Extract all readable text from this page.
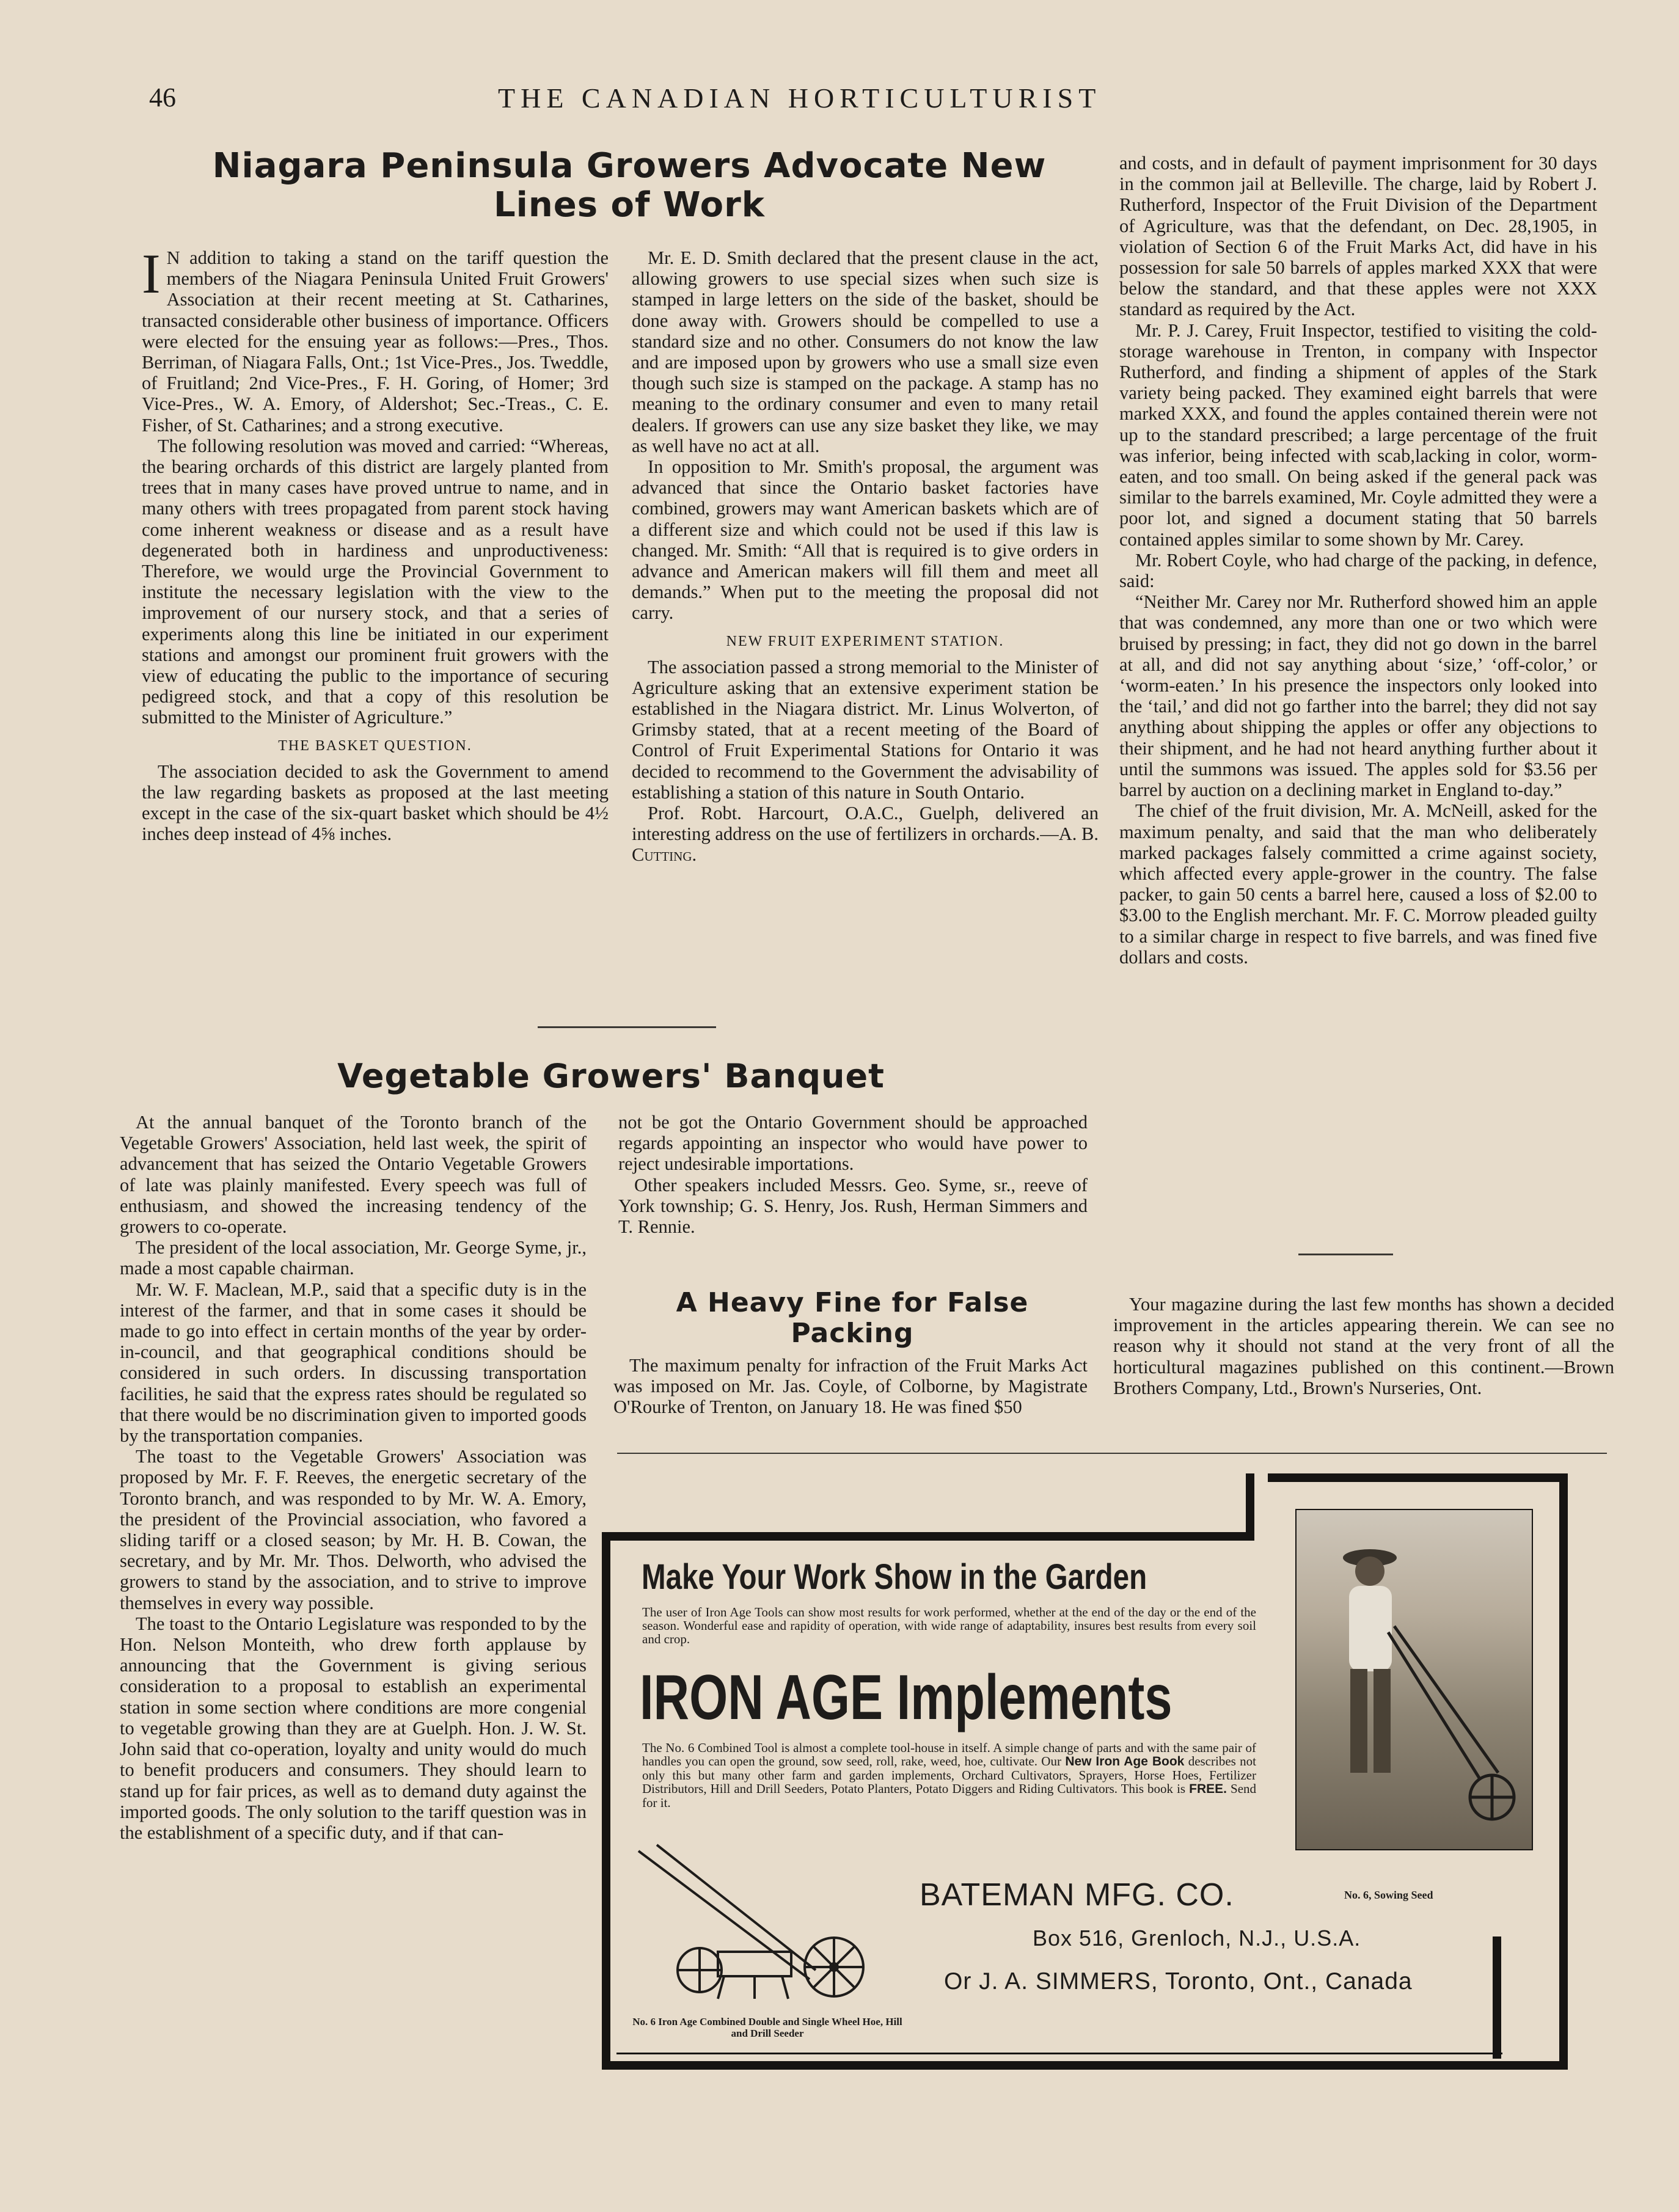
46	THE CANADIAN HORTICULTURIST
Niagara Peninsula Growers Advocate New
Lines of Work

I N addition to taking a stand on the tariff question the members of the Niagara Peninsula United Fruit Growers' Association at their recent meeting at St. Catharines, transacted considerable other business of importance. Officers were elected for the ensuing year as follows:—Pres., Thos. Berriman, of Niagara Falls, Ont.; 1st Vice-Pres., Jos. Tweddle, of Fruitland; 2nd Vice-Pres., F. H. Goring, of Homer; 3rd Vice-Pres., W. A. Emory, of Aldershot; Sec.-Treas., C. E. Fisher, of St. Catharines; and a strong executive.

The following resolution was moved and carried: “Whereas, the bearing orchards of this district are largely planted from trees that in many cases have proved untrue to name, and in many others with trees propagated from parent stock having come inherent weakness or disease and as a result have degenerated both in hardiness and unproductiveness: Therefore, we would urge the Provincial Government to institute the necessary legislation with the view to the improvement of our nursery stock, and that a series of experiments along this line be initiated in our experiment stations and amongst our prominent fruit growers with the view of educating the public to the importance of securing pedigreed stock, and that a copy of this resolution be submitted to the Minister of Agriculture.”

THE BASKET QUESTION.

The association decided to ask the Government to amend the law regarding baskets as proposed at the last meeting except in the case of the six-quart basket which should be 4½ inches deep instead of 4⅝ inches.

Mr. E. D. Smith declared that the present clause in the act, allowing growers to use special sizes when such size is stamped in large letters on the side of the basket, should be done away with. Growers should be compelled to use a standard size and no other. Consumers do not know the law and are imposed upon by growers who use a small size even though such size is stamped on the package. A stamp has no meaning to the ordinary consumer and even to many retail dealers. If growers can use any size basket they like, we may as well have no act at all.

In opposition to Mr. Smith's proposal, the argument was advanced that since the Ontario basket factories have combined, growers may want American baskets which are of a different size and which could not be used if this law is changed. Mr. Smith: “All that is required is to give orders in advance and American makers will fill them and meet all demands.” When put to the meeting the proposal did not carry.

NEW FRUIT EXPERIMENT STATION.

The association passed a strong memorial to the Minister of Agriculture asking that an extensive experiment station be established in the Niagara district. Mr. Linus Wolverton, of Grimsby stated, that at a recent meeting of the Board of Control of Fruit Experimental Stations for Ontario it was decided to recommend to the Government the advisability of establishing a station of this nature in South Ontario.

Prof. Robt. Harcourt, O.A.C., Guelph, delivered an interesting address on the use of fertilizers in orchards.—A. B. Cutting.

and costs, and in default of payment imprisonment for 30 days in the common jail at Belleville. The charge, laid by Robert J. Rutherford, Inspector of the Fruit Division of the Department of Agriculture, was that the defendant, on Dec. 28,1905, in violation of Section 6 of the Fruit Marks Act, did have in his possession for sale 50 barrels of apples marked XXX that were below the standard, and that these apples were not XXX standard as required by the Act.

Mr. P. J. Carey, Fruit Inspector, testified to visiting the cold-storage warehouse in Trenton, in company with Inspector Rutherford, and finding a shipment of apples of the Stark variety being packed. They examined eight barrels that were marked XXX, and found the apples contained therein were not up to the standard prescribed; a large percentage of the fruit was inferior, being infected with scab,lacking in color, worm-eaten, and too small. On being asked if the general pack was similar to the barrels examined, Mr. Coyle admitted they were a poor lot, and signed a document stating that 50 barrels contained apples similar to some shown by Mr. Carey.

Mr. Robert Coyle, who had charge of the packing, in defence, said:

“Neither Mr. Carey nor Mr. Rutherford showed him an apple that was condemned, any more than one or two which were bruised by pressing; in fact, they did not go down in the barrel at all, and did not say anything about ‘size,’ ‘off-color,’ or ‘worm-eaten.’ In his presence the inspectors only looked into the ‘tail,’ and did not go farther into the barrel; they did not say anything about shipping the apples or offer any objections to their shipment, and he had not heard anything further about it until the summons was issued. The apples sold for $3.56 per barrel by auction on a declining market in England to-day.”

The chief of the fruit division, Mr. A. McNeill, asked for the maximum penalty, and said that the man who deliberately marked packages falsely committed a crime against society, which affected every apple-grower in the country. The false packer, to gain 50 cents a barrel here, caused a loss of $2.00 to $3.00 to the English merchant. Mr. F. C. Morrow pleaded guilty to a similar charge in respect to five barrels, and was fined five dollars and costs.

Vegetable Growers' Banquet

At the annual banquet of the Toronto branch of the Vegetable Growers' Association, held last week, the spirit of advancement that has seized the Ontario Vegetable Growers of late was plainly manifested. Every speech was full of enthusiasm, and showed the increasing tendency of the growers to co-operate.

The president of the local association, Mr. George Syme, jr., made a most capable chairman.

Mr. W. F. Maclean, M.P., said that a specific duty is in the interest of the farmer, and that in some cases it should be made to go into effect in certain months of the year by order-in-council, and that geographical conditions should be considered in such orders. In discussing transportation facilities, he said that the express rates should be regulated so that there would be no discrimination given to imported goods by the transportation companies.

The toast to the Vegetable Growers' Association was proposed by Mr. F. F. Reeves, the energetic secretary of the Toronto branch, and was responded to by Mr. W. A. Emory, the president of the Provincial association, who favored a sliding tariff or a closed season; by Mr. H. B. Cowan, the secretary, and by Mr. Mr. Thos. Delworth, who advised the growers to stand by the association, and to strive to improve themselves in every way possible.

The toast to the Ontario Legislature was responded to by the Hon. Nelson Monteith, who drew forth applause by announcing that the Government is giving serious consideration to a proposal to establish an experimental station in some section where conditions are more congenial to vegetable growing than they are at Guelph. Hon. J. W. St. John said that co-operation, loyalty and unity would do much to benefit producers and consumers. They should learn to stand up for fair prices, as well as to demand duty against the imported goods. The only solution to the tariff question was in the establishment of a specific duty, and if that can-

not be got the Ontario Government should be approached regards appointing an inspector who would have power to reject undesirable importations.

Other speakers included Messrs. Geo. Syme, sr., reeve of York township; G. S. Henry, Jos. Rush, Herman Simmers and T. Rennie.

A Heavy Fine for False
Packing

The maximum penalty for infraction of the Fruit Marks Act was imposed on Mr. Jas. Coyle, of Colborne, by Magistrate O'Rourke of Trenton, on January 18. He was fined $50

Your magazine during the last few months has shown a decided improvement in the articles appearing therein. We can see no reason why it should not stand at the very front of all the horticultural magazines published on this continent.—Brown Brothers Company, Ltd., Brown's Nurseries, Ont.

Make Your Work Show in the Garden

The user of Iron Age Tools can show most results for work performed, whether at the end of the day or the end of the season. Wonderful ease and rapidity of operation, with wide range of adaptability, insures best results from every soil and crop.

IRON AGE Implements

The No. 6 Combined Tool is almost a complete tool-house in itself. A simple change of parts and with the same pair of handles you can open the ground, sow seed, roll, rake, weed, hoe, cultivate. Our New Iron Age Book describes not only this but many other farm and garden implements, Orchard Cultivators, Sprayers, Horse Hoes, Fertilizer Distributors, Hill and Drill Seeders, Potato Planters, Potato Diggers and Riding Cultivators. This book is FREE. Send for it.

No. 6 Iron Age Combined Double and Single Wheel Hoe, Hill and Drill Seeder

BATEMAN MFG. CO.
Box 516, Grenloch, N.J., U.S.A.
Or J. A. SIMMERS, Toronto, Ont., Canada
No. 6, Sowing Seed
